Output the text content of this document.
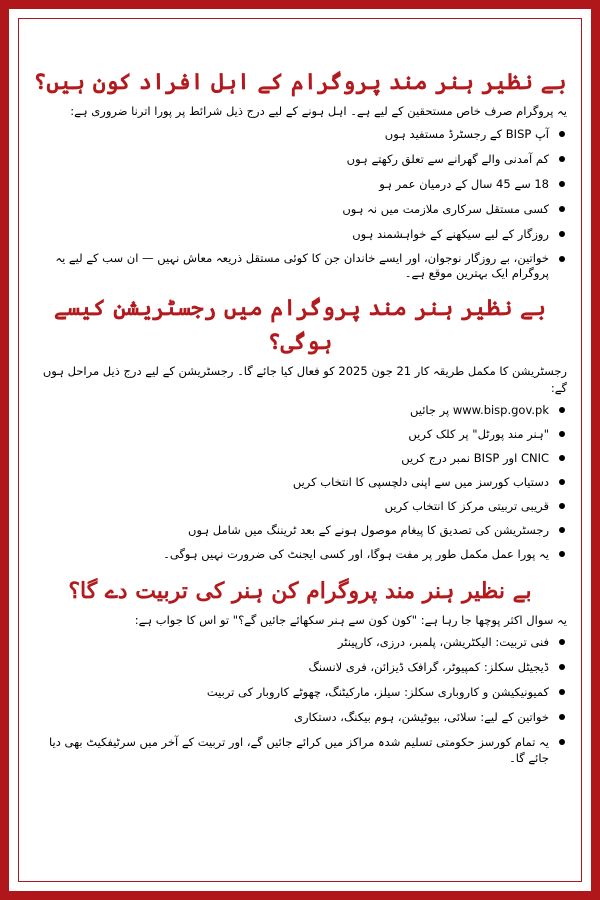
بے نظیر ہنر مند پروگرام کے اہل افراد کون ہیں؟
یہ پروگرام صرف خاص مستحقین کے لیے ہے۔ اہل ہونے کے لیے درج ذیل شرائط پر پورا اترنا ضروری ہے:
آپ BISP کے رجسٹرڈ مستفید ہوں
کم آمدنی والے گھرانے سے تعلق رکھتے ہوں
18 سے 45 سال کے درمیان عمر ہو
کسی مستقل سرکاری ملازمت میں نہ ہوں
روزگار کے لیے سیکھنے کے خواہشمند ہوں
خواتین، بے روزگار نوجوان، اور ایسے خاندان جن کا کوئی مستقل ذریعہ معاش نہیں — ان سب کے لیے یہ پروگرام ایک بہترین موقع ہے۔
بے نظیر ہنر مند پروگرام میں رجسٹریشن کیسے ہوگی؟
رجسٹریشن کا مکمل طریقہ کار 21 جون 2025 کو فعال کیا جائے گا۔ رجسٹریشن کے لیے درج ذیل مراحل ہوں گے:
www.bisp.gov.pk پر جائیں
"ہنر مند پورٹل" پر کلک کریں
CNIC اور BISP نمبر درج کریں
دستیاب کورسز میں سے اپنی دلچسپی کا انتخاب کریں
قریبی تربیتی مرکز کا انتخاب کریں
رجسٹریشن کی تصدیق کا پیغام موصول ہونے کے بعد ٹریننگ میں شامل ہوں
یہ پورا عمل مکمل طور پر مفت ہوگا، اور کسی ایجنٹ کی ضرورت نہیں ہوگی۔
بے نظیر ہنر مند پروگرام کن ہنر کی تربیت دے گا؟
یہ سوال اکثر پوچھا جا رہا ہے: "کون کون سے ہنر سکھائے جائیں گے؟" تو اس کا جواب ہے:
فنی تربیت: الیکٹریشن، پلمبر، درزی، کارپینٹر
ڈیجیٹل سکلز: کمپیوٹر، گرافک ڈیزائن، فری لانسنگ
کمیونیکیشن و کاروباری سکلز: سیلز، مارکیٹنگ، چھوٹے کاروبار کی تربیت
خواتین کے لیے: سلائی، بیوٹیشن، ہوم بیکنگ، دستکاری
یہ تمام کورسز حکومتی تسلیم شدہ مراکز میں کرائے جائیں گے، اور تربیت کے آخر میں سرٹیفکیٹ بھی دیا جائے گا۔
